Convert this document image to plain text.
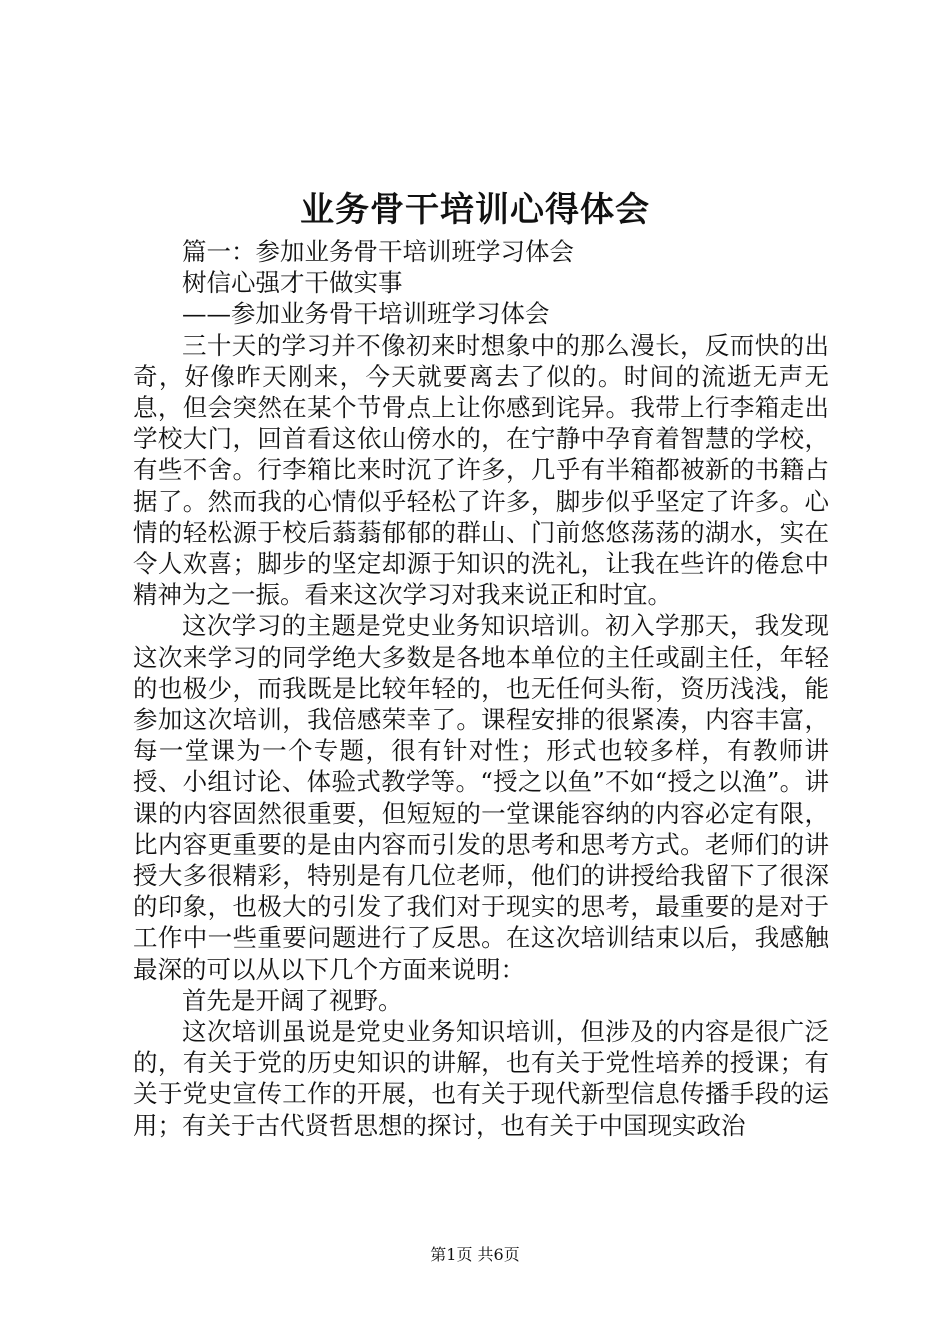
业务骨干培训心得体会

篇一：参加业务骨干培训班学习体会

树信心强才干做实事

——参加业务骨干培训班学习体会

三十天的学习并不像初来时想象中的那么漫长，反而快的出奇，好像昨天刚来，今天就要离去了似的。时间的流逝无声无息，但会突然在某个节骨点上让你感到诧异。我带上行李箱走出学校大门，回首看这依山傍水的，在宁静中孕育着智慧的学校，有些不舍。行李箱比来时沉了许多，几乎有半箱都被新的书籍占据了。然而我的心情似乎轻松了许多，脚步似乎坚定了许多。心情的轻松源于校后蓊蓊郁郁的群山、门前悠悠荡荡的湖水，实在令人欢喜；脚步的坚定却源于知识的洗礼，让我在些许的倦怠中精神为之一振。看来这次学习对我来说正和时宜。

这次学习的主题是党史业务知识培训。初入学那天，我发现这次来学习的同学绝大多数是各地本单位的主任或副主任，年轻的也极少，而我既是比较年轻的，也无任何头衔，资历浅浅，能参加这次培训，我倍感荣幸了。课程安排的很紧凑，内容丰富，每一堂课为一个专题，很有针对性；形式也较多样，有教师讲授、小组讨论、体验式教学等。“授之以鱼”不如“授之以渔”。讲课的内容固然很重要，但短短的一堂课能容纳的内容必定有限，比内容更重要的是由内容而引发的思考和思考方式。老师们的讲授大多很精彩，特别是有几位老师，他们的讲授给我留下了很深的印象，也极大的引发了我们对于现实的思考，最重要的是对于工作中一些重要问题进行了反思。在这次培训结束以后，我感触最深的可以从以下几个方面来说明：

首先是开阔了视野。

这次培训虽说是党史业务知识培训，但涉及的内容是很广泛的，有关于党的历史知识的讲解，也有关于党性培养的授课；有关于党史宣传工作的开展，也有关于现代新型信息传播手段的运用；有关于古代贤哲思想的探讨，也有关于中国现实政治

第1页 共6页
